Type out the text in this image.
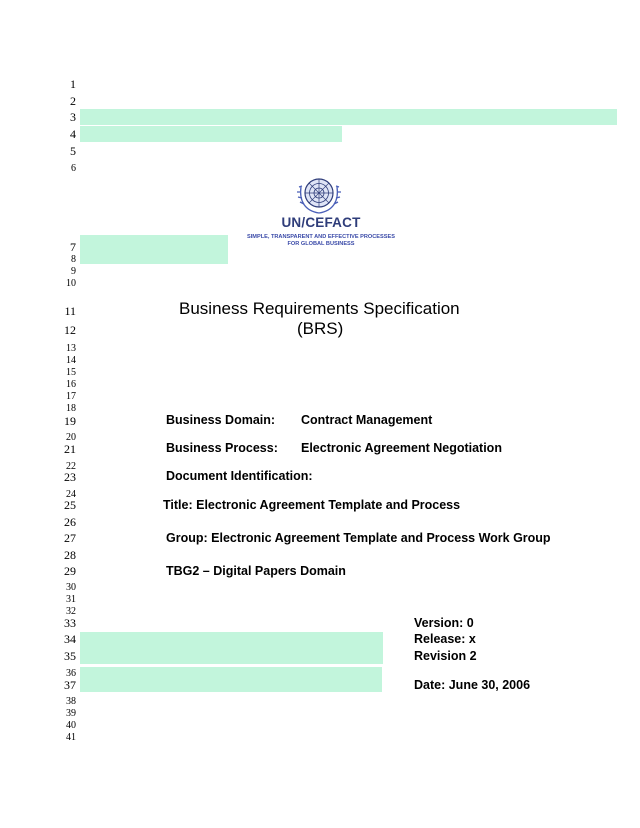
1
2
3
4
5
6
7
8
9
10
11
12
13
14
15
16
17
18
19
20
21
22
23
24
25
26
27
28
29
30
31
32
33
34
35
36
37
38
39
40
41
UN/CEFACT
SIMPLE, TRANSPARENT AND EFFECTIVE PROCESSES
FOR GLOBAL BUSINESS
Business Requirements Specification
(BRS)
Business Domain: Contract Management
Business Process: Electronic Agreement Negotiation
Document Identification:
Title: Electronic Agreement Template and Process
Group: Electronic Agreement Template and Process Work Group
TBG2 – Digital Papers Domain
Version: 0
Release: x
Revision 2
Date: June 30, 2006
